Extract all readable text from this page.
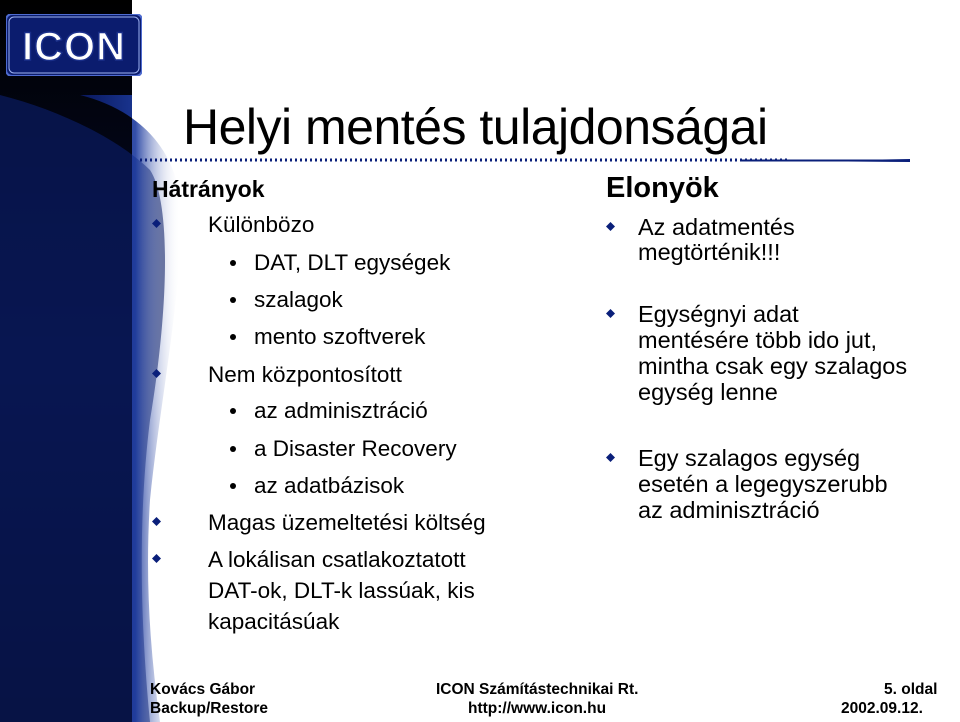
ICON
Helyi mentés tulajdonságai
Hátrányok
Különbözo
DAT, DLT egységek
szalagok
mento szoftverek
Nem központosított
az adminisztráció
a Disaster Recovery
az adatbázisok
Magas üzemeltetési költség
A lokálisan csatlakoztatott
DAT-ok, DLT-k lassúak, kis
kapacitásúak
Elonyök
Az adatmentés
megtörténik!!!
Egységnyi adat
mentésére több ido jut,
mintha csak egy szalagos
egység lenne
Egy szalagos egység
esetén a legegyszerubb
az adminisztráció
Kovács Gábor
Backup/Restore
ICON Számítástechnikai Rt.
http://www.icon.hu
5. oldal
2002.09.12.
